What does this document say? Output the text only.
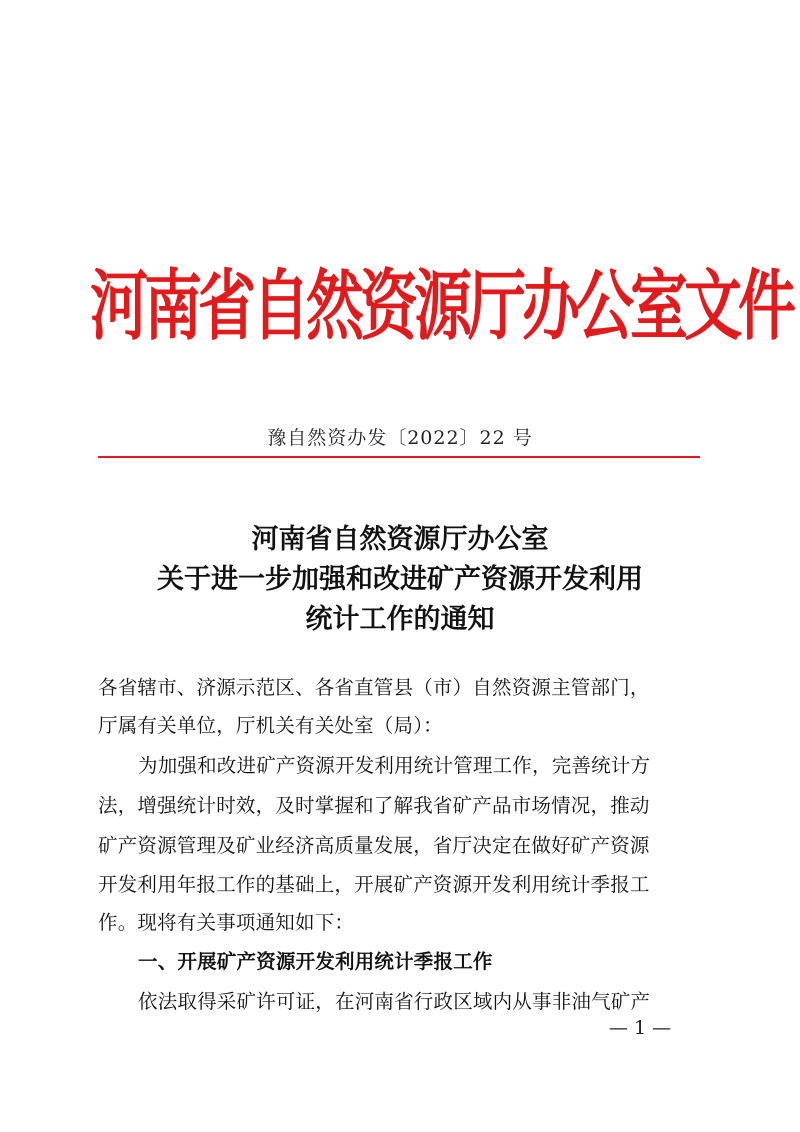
河南省自然资源厅办公室文件
豫自然资办发〔2022〕22 号
河南省自然资源厅办公室
关于进一步加强和改进矿产资源开发利用
统计工作的通知
各省辖市、济源示范区、各省直管县（市）自然资源主管部门，
厅属有关单位，厅机关有关处室（局）：
为加强和改进矿产资源开发利用统计管理工作，完善统计方
法，增强统计时效，及时掌握和了解我省矿产品市场情况，推动
矿产资源管理及矿业经济高质量发展，省厅决定在做好矿产资源
开发利用年报工作的基础上，开展矿产资源开发利用统计季报工
作。现将有关事项通知如下：
一、开展矿产资源开发利用统计季报工作
依法取得采矿许可证，在河南省行政区域内从事非油气矿产
— 1 —
